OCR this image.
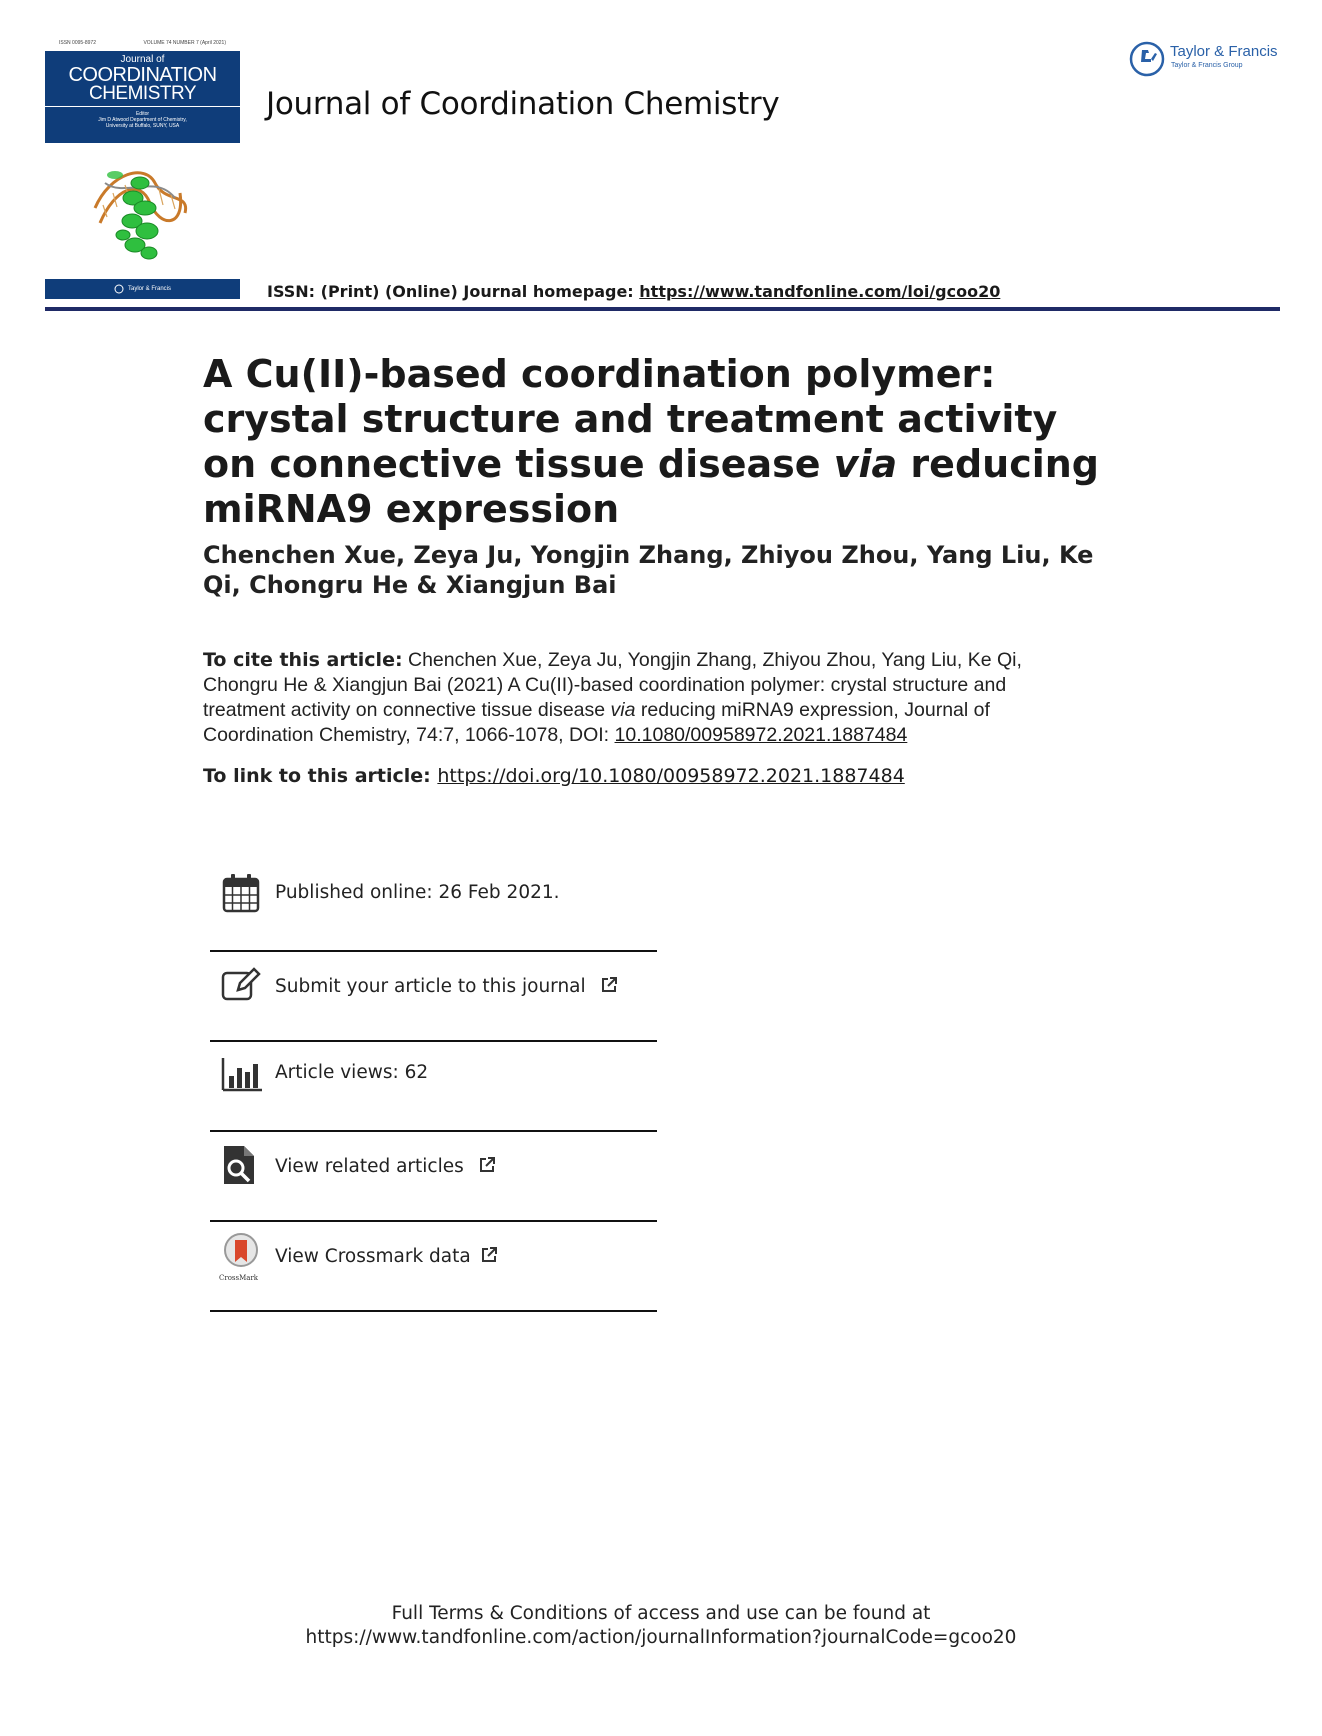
ISSN 0095-8972	VOLUME 74 NUMBER 7 (April 2021)
Journal of
COORDINATION
CHEMISTRY
Editor
Jim D Atwood Department of Chemistry,
University at Buffalo, SUNY, USA
Taylor & Francis
Journal of Coordination Chemistry
Taylor & Francis
Taylor & Francis Group
ISSN: (Print) (Online) Journal homepage: https://www.tandfonline.com/loi/gcoo20
A Cu(II)-based coordination polymer: crystal structure and treatment activity on connective tissue disease via reducing miRNA9 expression
Chenchen Xue, Zeya Ju, Yongjin Zhang, Zhiyou Zhou, Yang Liu, Ke Qi, Chongru He & Xiangjun Bai
To cite this article: Chenchen Xue, Zeya Ju, Yongjin Zhang, Zhiyou Zhou, Yang Liu, Ke Qi, Chongru He & Xiangjun Bai (2021) A Cu(II)-based coordination polymer: crystal structure and treatment activity on connective tissue disease via reducing miRNA9 expression, Journal of Coordination Chemistry, 74:7, 1066-1078, DOI: 10.1080/00958972.2021.1887484
To link to this article: https://doi.org/10.1080/00958972.2021.1887484
Published online: 26 Feb 2021.
Submit your article to this journal
Article views: 62
View related articles
CrossMark
View Crossmark data
Full Terms & Conditions of access and use can be found at
https://www.tandfonline.com/action/journalInformation?journalCode=gcoo20
